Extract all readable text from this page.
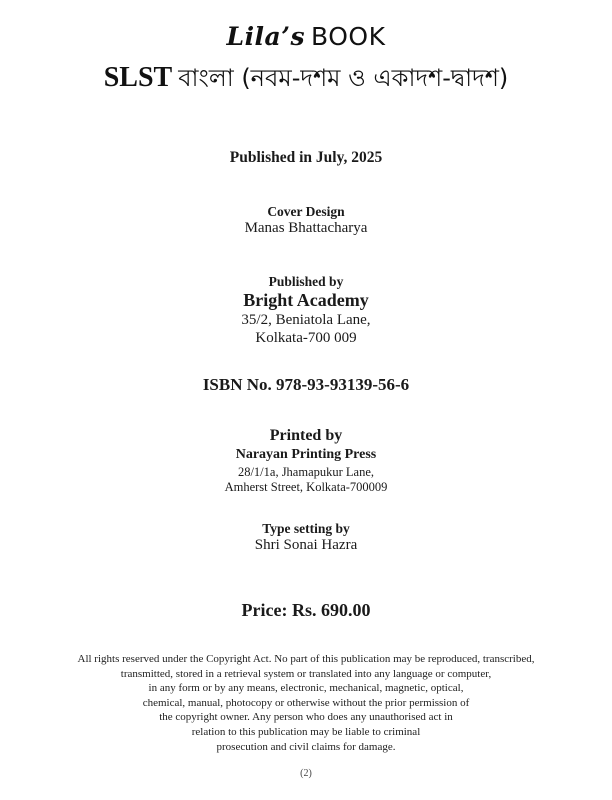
Lila’s BOOK
SLST বাংলা (নবম-দশম ও একাদশ-দ্বাদশ)
Published in July, 2025
Cover Design
Manas Bhattacharya
Published by
Bright Academy
35/2, Beniatola Lane,
Kolkata-700 009
ISBN No. 978-93-93139-56-6
Printed by
Narayan Printing Press
28/1/1a, Jhamapukur Lane,
Amherst Street, Kolkata-700009
Type setting by
Shri Sonai Hazra
Price: Rs. 690.00
All rights reserved under the Copyright Act. No part of this publication may be reproduced, transcribed,
transmitted, stored in a retrieval system or translated into any language or computer,
in any form or by any means, electronic, mechanical, magnetic, optical,
chemical, manual, photocopy or otherwise without the prior permission of
the copyright owner. Any person who does any unauthorised act in
relation to this publication may be liable to criminal
prosecution and civil claims for damage.
(2)
